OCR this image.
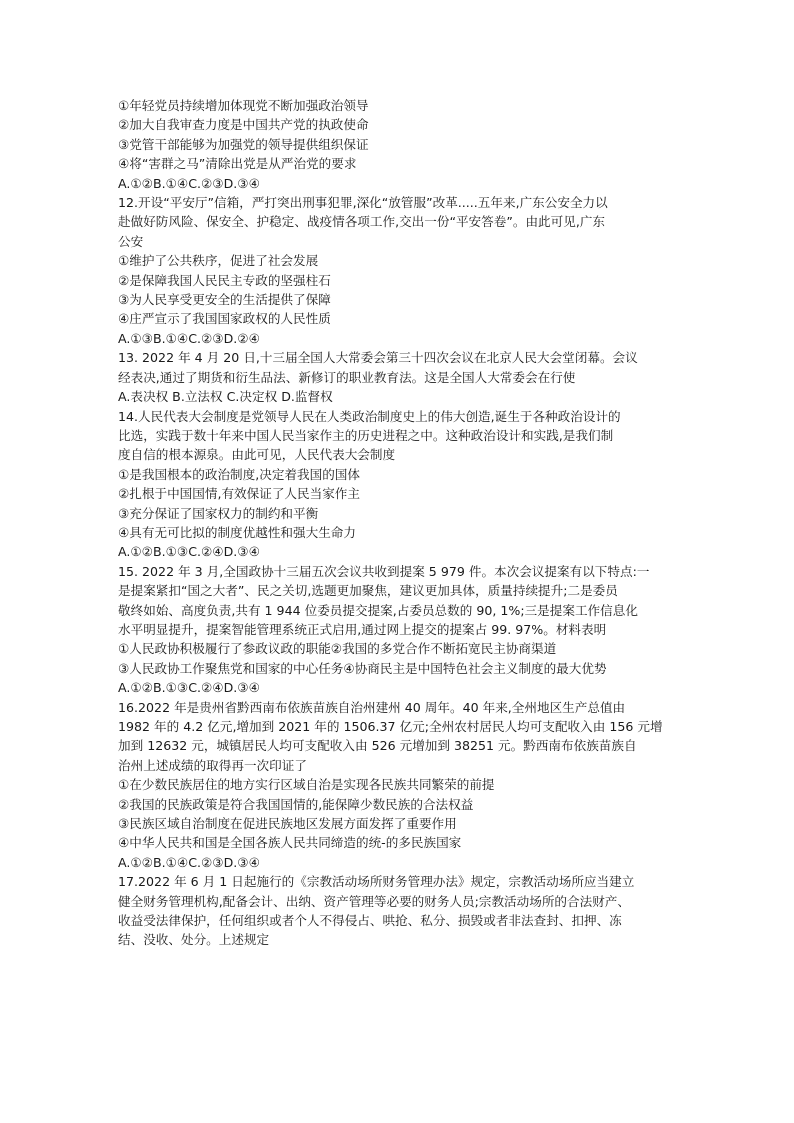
①年轻党员持续增加体现党不断加强政治领导
②加大自我审查力度是中国共产党的执政使命
③党管干部能够为加强党的领导提供组织保证
④将“害群之马”清除出党是从严治党的要求
A.①②B.①④C.②③D.③④
12.开设“平安厅”信箱，严打突出刑事犯罪,深化“放管服”改革.....五年来,广东公安全力以
赴做好防风险、保安全、护稳定、战疫情各项工作,交出一份“平安答卷”。由此可见,广东
公安
①维护了公共秩序，促进了社会发展
②是保障我国人民民主专政的坚强柱石
③为人民享受更安全的生活提供了保障
④庄严宣示了我国国家政权的人民性质
A.①③B.①④C.②③D.②④
13. 2022 年 4 月 20 日,十三届全国人大常委会第三十四次会议在北京人民大会堂闭幕。会议
经表决,通过了期货和衍生品法、新修订的职业教育法。这是全国人大常委会在行使
A.表决权 B.立法权 C.决定权 D.监督权
14.人民代表大会制度是党领导人民在人类政治制度史上的伟大创造,诞生于各种政治设计的
比选，实践于数十年来中国人民当家作主的历史进程之中。这种政治设计和实践,是我们制
度自信的根本源泉。由此可见，人民代表大会制度
①是我国根本的政治制度,决定着我国的国体
②扎根于中国国情,有效保证了人民当家作主
③充分保证了国家权力的制约和平衡
④具有无可比拟的制度优越性和强大生命力
A.①②B.①③C.②④D.③④
15. 2022 年 3 月,全国政协十三届五次会议共收到提案 5 979 件。本次会议提案有以下特点:一
是提案紧扣“国之大者”、民之关切,选题更加聚焦，建议更加具体，质量持续提升;二是委员
敬终如始、高度负责,共有 1 944 位委员提交提案,占委员总数的 90, 1%;三是提案工作信息化
水平明显提升，提案智能管理系统正式启用,通过网上提交的提案占 99. 97%。材料表明
①人民政协积极履行了参政议政的职能②我国的多党合作不断拓宽民主协商渠道
③人民政协工作聚焦党和国家的中心任务④协商民主是中国特色社会主义制度的最大优势
A.①②B.①③C.②④D.③④
16.2022 年是贵州省黔西南布依族苗族自治州建州 40 周年。40 年来,全州地区生产总值由
1982 年的 4.2 亿元,增加到 2021 年的 1506.37 亿元;全州农村居民人均可支配收入由 156 元增
加到 12632 元，城镇居民人均可支配收入由 526 元增加到 38251 元。黔西南布依族苗族自
治州上述成绩的取得再一次印证了
①在少数民族居住的地方实行区域自治是实现各民族共同繁荣的前提
②我国的民族政策是符合我国国情的,能保障少数民族的合法权益
③民族区域自治制度在促进民族地区发展方面发挥了重要作用
④中华人民共和国是全国各族人民共同缔造的统-的多民族国家
A.①②B.①④C.②③D.③④
17.2022 年 6 月 1 日起施行的《宗教活动场所财务管理办法》规定，宗教活动场所应当建立
健全财务管理机构,配备会计、出纳、资产管理等必要的财务人员;宗教活动场所的合法财产、
收益受法律保护，任何组织或者个人不得侵占、哄抢、私分、损毁或者非法查封、扣押、冻
结、没收、处分。上述规定
